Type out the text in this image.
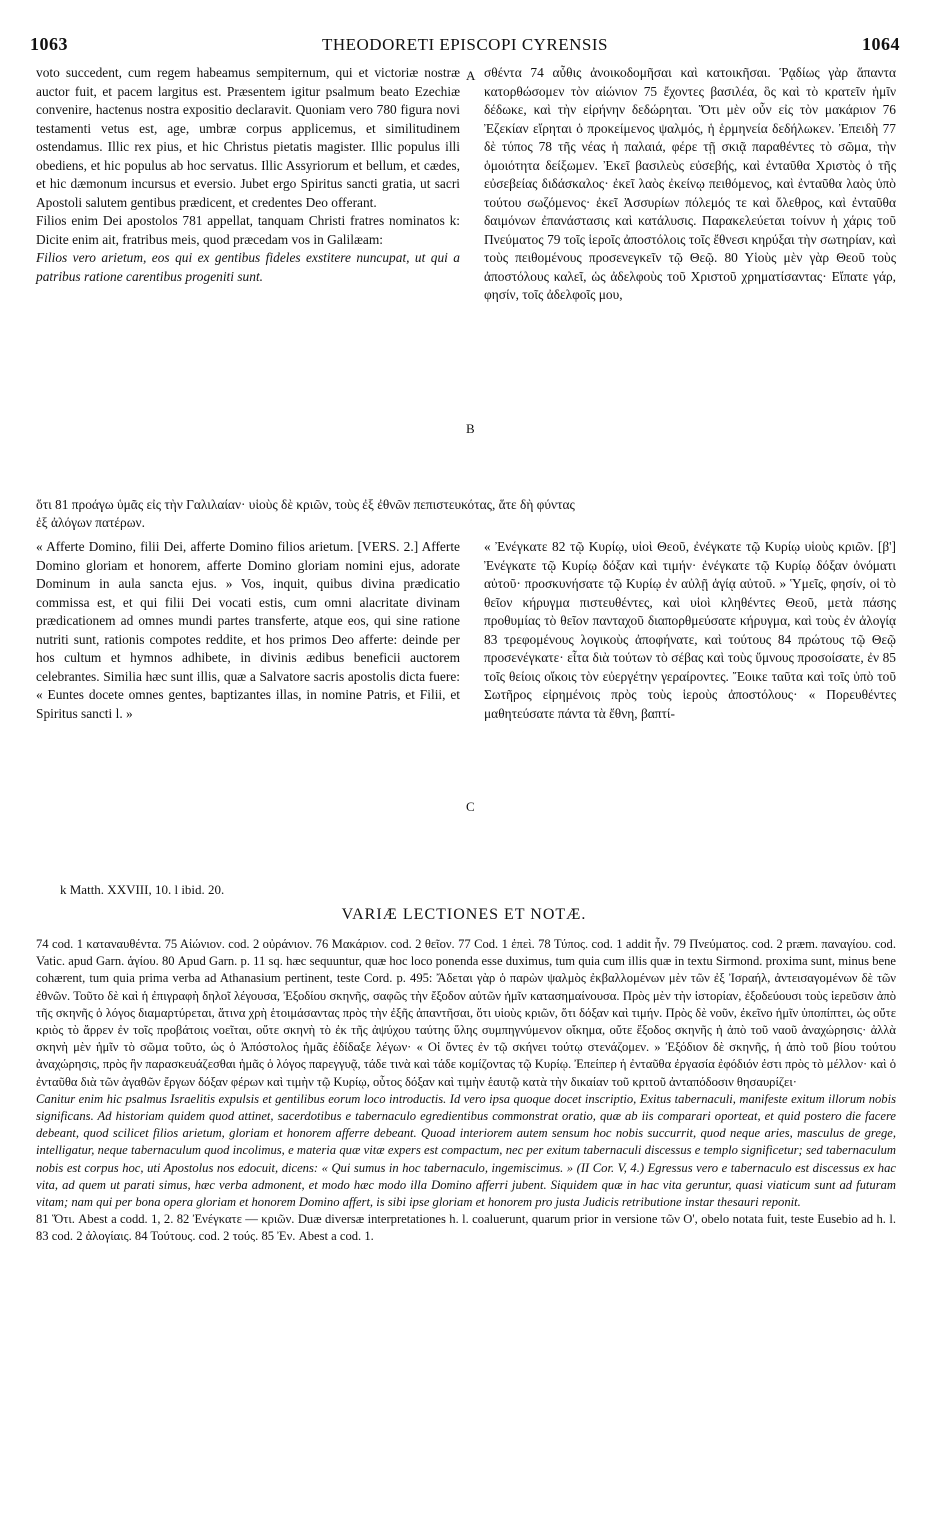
1063	THEODORETI EPISCOPI CYRENSIS	1064

voto succedent, cum regem habeamus sempiternum, qui et victoriæ nostræ auctor fuit, et pacem largitus est. Præsentem igitur psalmum beato Ezechiæ convenire, hactenus nostra expositio declaravit. Quoniam vero 780 figura novi testamenti vetus est, age, umbræ corpus applicemus, et similitudinem ostendamus. Illic rex pius, et hic Christus pietatis magister. Illic populus illi obediens, et hic populus ab hoc servatus. Illic Assyriorum et bellum, et cædes, et hic dæmonum incursus et eversio. Jubet ergo Spiritus sancti gratia, ut sacri Apostoli salutem gentibus prædicent, et credentes Deo offerant.

Filios enim Dei apostolos 781 appellat, tanquam Christi fratres nominatos k: Dicite enim ait, fratribus meis, quod præcedam vos in Galilæam:

Filios vero arietum, eos qui ex gentibus fideles exstitere nuncupat, ut qui a patribus ratione carentibus progeniti sunt.

A
B
C

σθέντα 74 αὖθις ἀνοικοδομῆσαι καὶ κατοικῆσαι. Ῥᾳδίως γὰρ ἅπαντα κατορθώσομεν τὸν αἰώνιον 75 ἔχοντες βασιλέα, ὃς καὶ τὸ κρατεῖν ἡμῖν δέδωκε, καὶ τὴν εἰρήνην δεδώρηται. Ὅτι μὲν οὖν εἰς τὸν μακάριον 76 Ἐζεκίαν εἴρηται ὁ προκείμενος ψαλμός, ἡ ἑρμηνεία δεδήλωκεν. Ἐπειδὴ 77 δὲ τύπος 78 τῆς νέας ἡ παλαιά, φέρε τῇ σκιᾷ παραθέντες τὸ σῶμα, τὴν ὁμοιότητα δείξωμεν. Ἐκεῖ βασιλεὺς εὐσεβής, καὶ ἐνταῦθα Χριστὸς ὁ τῆς εὐσεβείας διδάσκαλος· ἐκεῖ λαὸς ἐκείνῳ πειθόμενος, καὶ ἐνταῦθα λαὸς ὑπὸ τούτου σωζόμενος· ἐκεῖ Ἀσσυρίων πόλεμός τε καὶ ὄλεθρος, καὶ ἐνταῦθα δαιμόνων ἐπανάστασις καὶ κατάλυσις. Παρακελεύεται τοίνυν ἡ χάρις τοῦ Πνεύματος 79 τοῖς ἱεροῖς ἀποστόλοις τοῖς ἔθνεσι κηρύξαι τὴν σωτηρίαν, καὶ τοὺς πειθομένους προσενεγκεῖν τῷ Θεῷ. 80 Υἱοὺς μὲν γὰρ Θεοῦ τοὺς ἀποστόλους καλεῖ, ὡς ἀδελφοὺς τοῦ Χριστοῦ χρηματίσαντας· Εἴπατε γάρ, φησίν, τοῖς ἀδελφοῖς μου,

ὅτι 81 προάγω ὑμᾶς εἰς τὴν Γαλιλαίαν· υἱοὺς δὲ κριῶν, τοὺς ἐξ ἐθνῶν πεπιστευκότας, ἅτε δὴ φύντας
ἐξ ἀλόγων πατέρων.

« Afferte Domino, filii Dei, afferte Domino filios arietum. [VERS. 2.] Afferte Domino gloriam et honorem, afferte Domino gloriam nomini ejus, adorate Dominum in aula sancta ejus. » Vos, inquit, quibus divina prædicatio commissa est, et qui filii Dei vocati estis, cum omni alacritate divinam prædicationem ad omnes mundi partes transferte, atque eos, qui sine ratione nutriti sunt, rationis compotes reddite, et hos primos Deo afferte: deinde per hos cultum et hymnos adhibete, in divinis ædibus beneficii auctorem celebrantes. Similia hæc sunt illis, quæ a Salvatore sacris apostolis dicta fuere: « Euntes docete omnes gentes, baptizantes illas, in nomine Patris, et Filii, et Spiritus sancti l. »

« Ἐνέγκατε 82 τῷ Κυρίῳ, υἱοὶ Θεοῦ, ἐνέγκατε τῷ Κυρίῳ υἱοὺς κριῶν. [β'] Ἐνέγκατε τῷ Κυρίῳ δόξαν καὶ τιμήν· ἐνέγκατε τῷ Κυρίῳ δόξαν ὀνόματι αὐτοῦ· προσκυνήσατε τῷ Κυρίῳ ἐν αὐλῇ ἁγίᾳ αὐτοῦ. » Ὑμεῖς, φησίν, οἱ τὸ θεῖον κήρυγμα πιστευθέντες, καὶ υἱοὶ κληθέντες Θεοῦ, μετὰ πάσης προθυμίας τὸ θεῖον πανταχοῦ διαπορθμεύσατε κήρυγμα, καὶ τοὺς ἐν ἀλογίᾳ 83 τρεφομένους λογικοὺς ἀποφήνατε, καὶ τούτους 84 πρώτους τῷ Θεῷ προσενέγκατε· εἶτα διὰ τούτων τὸ σέβας καὶ τοὺς ὕμνους προσοίσατε, ἐν 85 τοῖς θείοις οἴκοις τὸν εὐεργέτην γεραίροντες. Ἔοικε ταῦτα καὶ τοῖς ὑπὸ τοῦ Σωτῆρος εἰρημένοις πρὸς τοὺς ἱεροὺς ἀποστόλους· « Πορευθέντες μαθητεύσατε πάντα τὰ ἔθνη, βαπτί-

k Matth. XXVIII, 10. l ibid. 20.
VARIÆ LECTIONES ET NOTÆ.

74 cod. 1 καταναυθέντα. 75 Αἰώνιον. cod. 2 οὐράνιον. 76 Μακάριον. cod. 2 θεῖον. 77 Cod. 1 ἐπεὶ. 78 Τύπος. cod. 1 addit ἦν. 79 Πνεύματος. cod. 2 præm. παναγίου. cod. Vatic. apud Garn. ἁγίου. 80 Apud Garn. p. 11 sq. hæc sequuntur, quæ hoc loco ponenda esse duximus, tum quia cum illis quæ in textu Sirmond. proxima sunt, minus bene cohærent, tum quia prima verba ad Athanasium pertinent, teste Cord. p. 495: Ἄδεται γὰρ ὁ παρὼν ψαλμὸς ἐκβαλλομένων μὲν τῶν ἐξ Ἰσραήλ, ἀντεισαγομένων δὲ τῶν ἐθνῶν. Τοῦτο δὲ καὶ ἡ ἐπιγραφὴ δηλοῖ λέγουσα, Ἐξοδίου σκηνῆς, σαφῶς τὴν ἔξοδον αὐτῶν ἡμῖν κατασημαίνουσα. Πρὸς μὲν τὴν ἱστορίαν, ἐξοδεύουσι τοὺς ἱερεῦσιν ἀπὸ τῆς σκηνῆς ὁ λόγος διαμαρτύρεται, ἅτινα χρὴ ἑτοιμάσαντας πρὸς τὴν ἐξῆς ἀπαντῆσαι, ὅτι υἱοὺς κριῶν, ὅτι δόξαν καὶ τιμήν. Πρὸς δὲ νοῦν, ἐκεῖνο ἡμῖν ὑποπίπτει, ὡς οὔτε κριὸς τὸ ἄρρεν ἐν τοῖς προβάτοις νοεῖται, οὔτε σκηνὴ τὸ ἐκ τῆς ἀψύχου ταύτης ὕλης συμπηγνύμενον οἴκημα, οὔτε ἔξοδος σκηνῆς ἡ ἀπὸ τοῦ ναοῦ ἀναχώρησις· ἀλλὰ σκηνὴ μὲν ἡμῖν τὸ σῶμα τοῦτο, ὡς ὁ Ἀπόστολος ἡμᾶς ἐδίδαξε λέγων· « Οἱ ὄντες ἐν τῷ σκήνει τούτῳ στενάζομεν. » Ἐξόδιον δὲ σκηνῆς, ἡ ἀπὸ τοῦ βίου τούτου ἀναχώρησις, πρὸς ἣν παρασκευάζεσθαι ἡμᾶς ὁ λόγος παρεγγυᾷ, τάδε τινὰ καὶ τάδε κομίζοντας τῷ Κυρίῳ. Ἐπείπερ ἡ ἐνταῦθα ἐργασία ἐφόδιόν ἐστι πρὸς τὸ μέλλον· καὶ ὁ ἐνταῦθα διὰ τῶν ἀγαθῶν ἔργων δόξαν φέρων καὶ τιμὴν τῷ Κυρίῳ, οὗτος δόξαν καὶ τιμὴν ἑαυτῷ κατὰ τὴν δικαίαν τοῦ κριτοῦ ἀνταπόδοσιν θησαυρίζει·

Canitur enim hic psalmus Israelitis expulsis et gentilibus eorum loco introductis. Id vero ipsa quoque docet inscriptio, Exitus tabernaculi, manifeste exitum illorum nobis significans. Ad historiam quidem quod attinet, sacerdotibus e tabernaculo egredientibus commonstrat oratio, quæ ab iis comparari oporteat, et quid postero die facere debeant, quod scilicet filios arietum, gloriam et honorem afferre debeant. Quoad interiorem autem sensum hoc nobis succurrit, quod neque aries, masculus de grege, intelligatur, neque tabernaculum quod incolimus, e materia quæ vitæ expers est compactum, nec per exitum tabernaculi discessus e templo significetur; sed tabernaculum nobis est corpus hoc, uti Apostolus nos edocuit, dicens: « Qui sumus in hoc tabernaculo, ingemiscimus. » (II Cor. V, 4.) Egressus vero e tabernaculo est discessus ex hac vita, ad quem ut parati simus, hæc verba admonent, et modo hæc modo illa Domino afferri jubent. Siquidem quæ in hac vita geruntur, quasi viaticum sunt ad futuram vitam; nam qui per bona opera gloriam et honorem Domino affert, is sibi ipse gloriam et honorem pro justa Judicis retributione instar thesauri reponit.

81 Ὅτι. Abest a codd. 1, 2. 82 Ἐνέγκατε — κριῶν. Duæ diversæ interpretationes h. l. coaluerunt, quarum prior in versione τῶν Ο', obelo notata fuit, teste Eusebio ad h. l. 83 cod. 2 ἀλογίαις. 84 Τούτους. cod. 2 τούς. 85 Ἐν. Abest a cod. 1.
